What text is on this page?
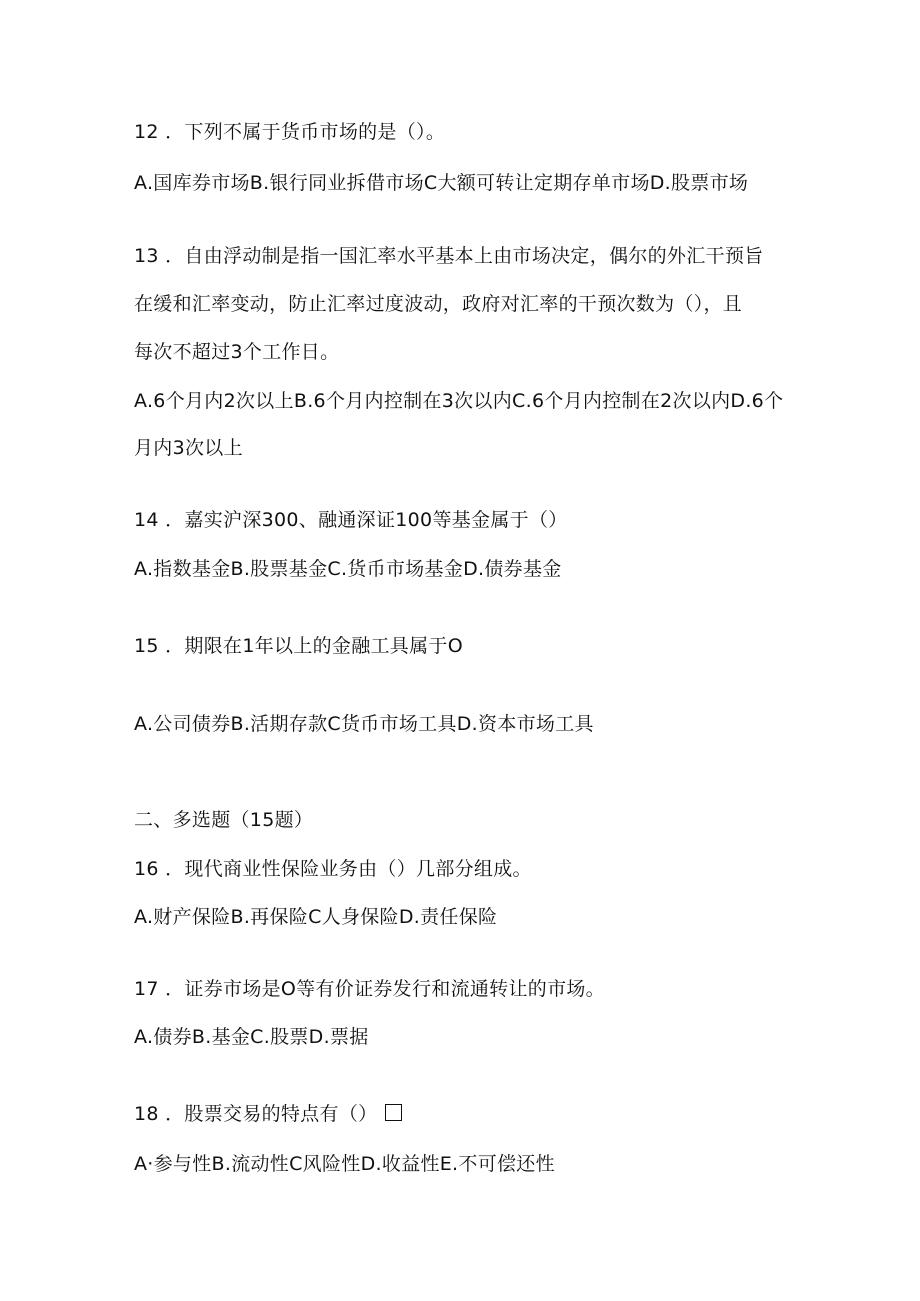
12 ．下列不属于货币市场的是（）。

A.国库券市场B.银行同业拆借市场C大额可转让定期存单市场D.股票市场

13 ．自由浮动制是指一国汇率水平基本上由市场决定，偶尔的外汇干预旨

在缓和汇率变动，防止汇率过度波动，政府对汇率的干预次数为（），且

每次不超过3个工作日。

A.6个月内2次以上B.6个月内控制在3次以内C.6个月内控制在2次以内D.6个

月内3次以上

14 ．嘉实沪深300、融通深证100等基金属于（）

A.指数基金B.股票基金C.货币市场基金D.债券基金

15 ．期限在1年以上的金融工具属于O

A.公司债券B.活期存款C货币市场工具D.资本市场工具

二、多选题（15题）

16 ．现代商业性保险业务由（）几部分组成。

A.财产保险B.再保险C人身保险D.责任保险

17 ．证券市场是O等有价证券发行和流通转让的市场。

A.债券B.基金C.股票D.票据

18 ．股票交易的特点有（）

A·参与性B.流动性C风险性D.收益性E.不可偿还性
